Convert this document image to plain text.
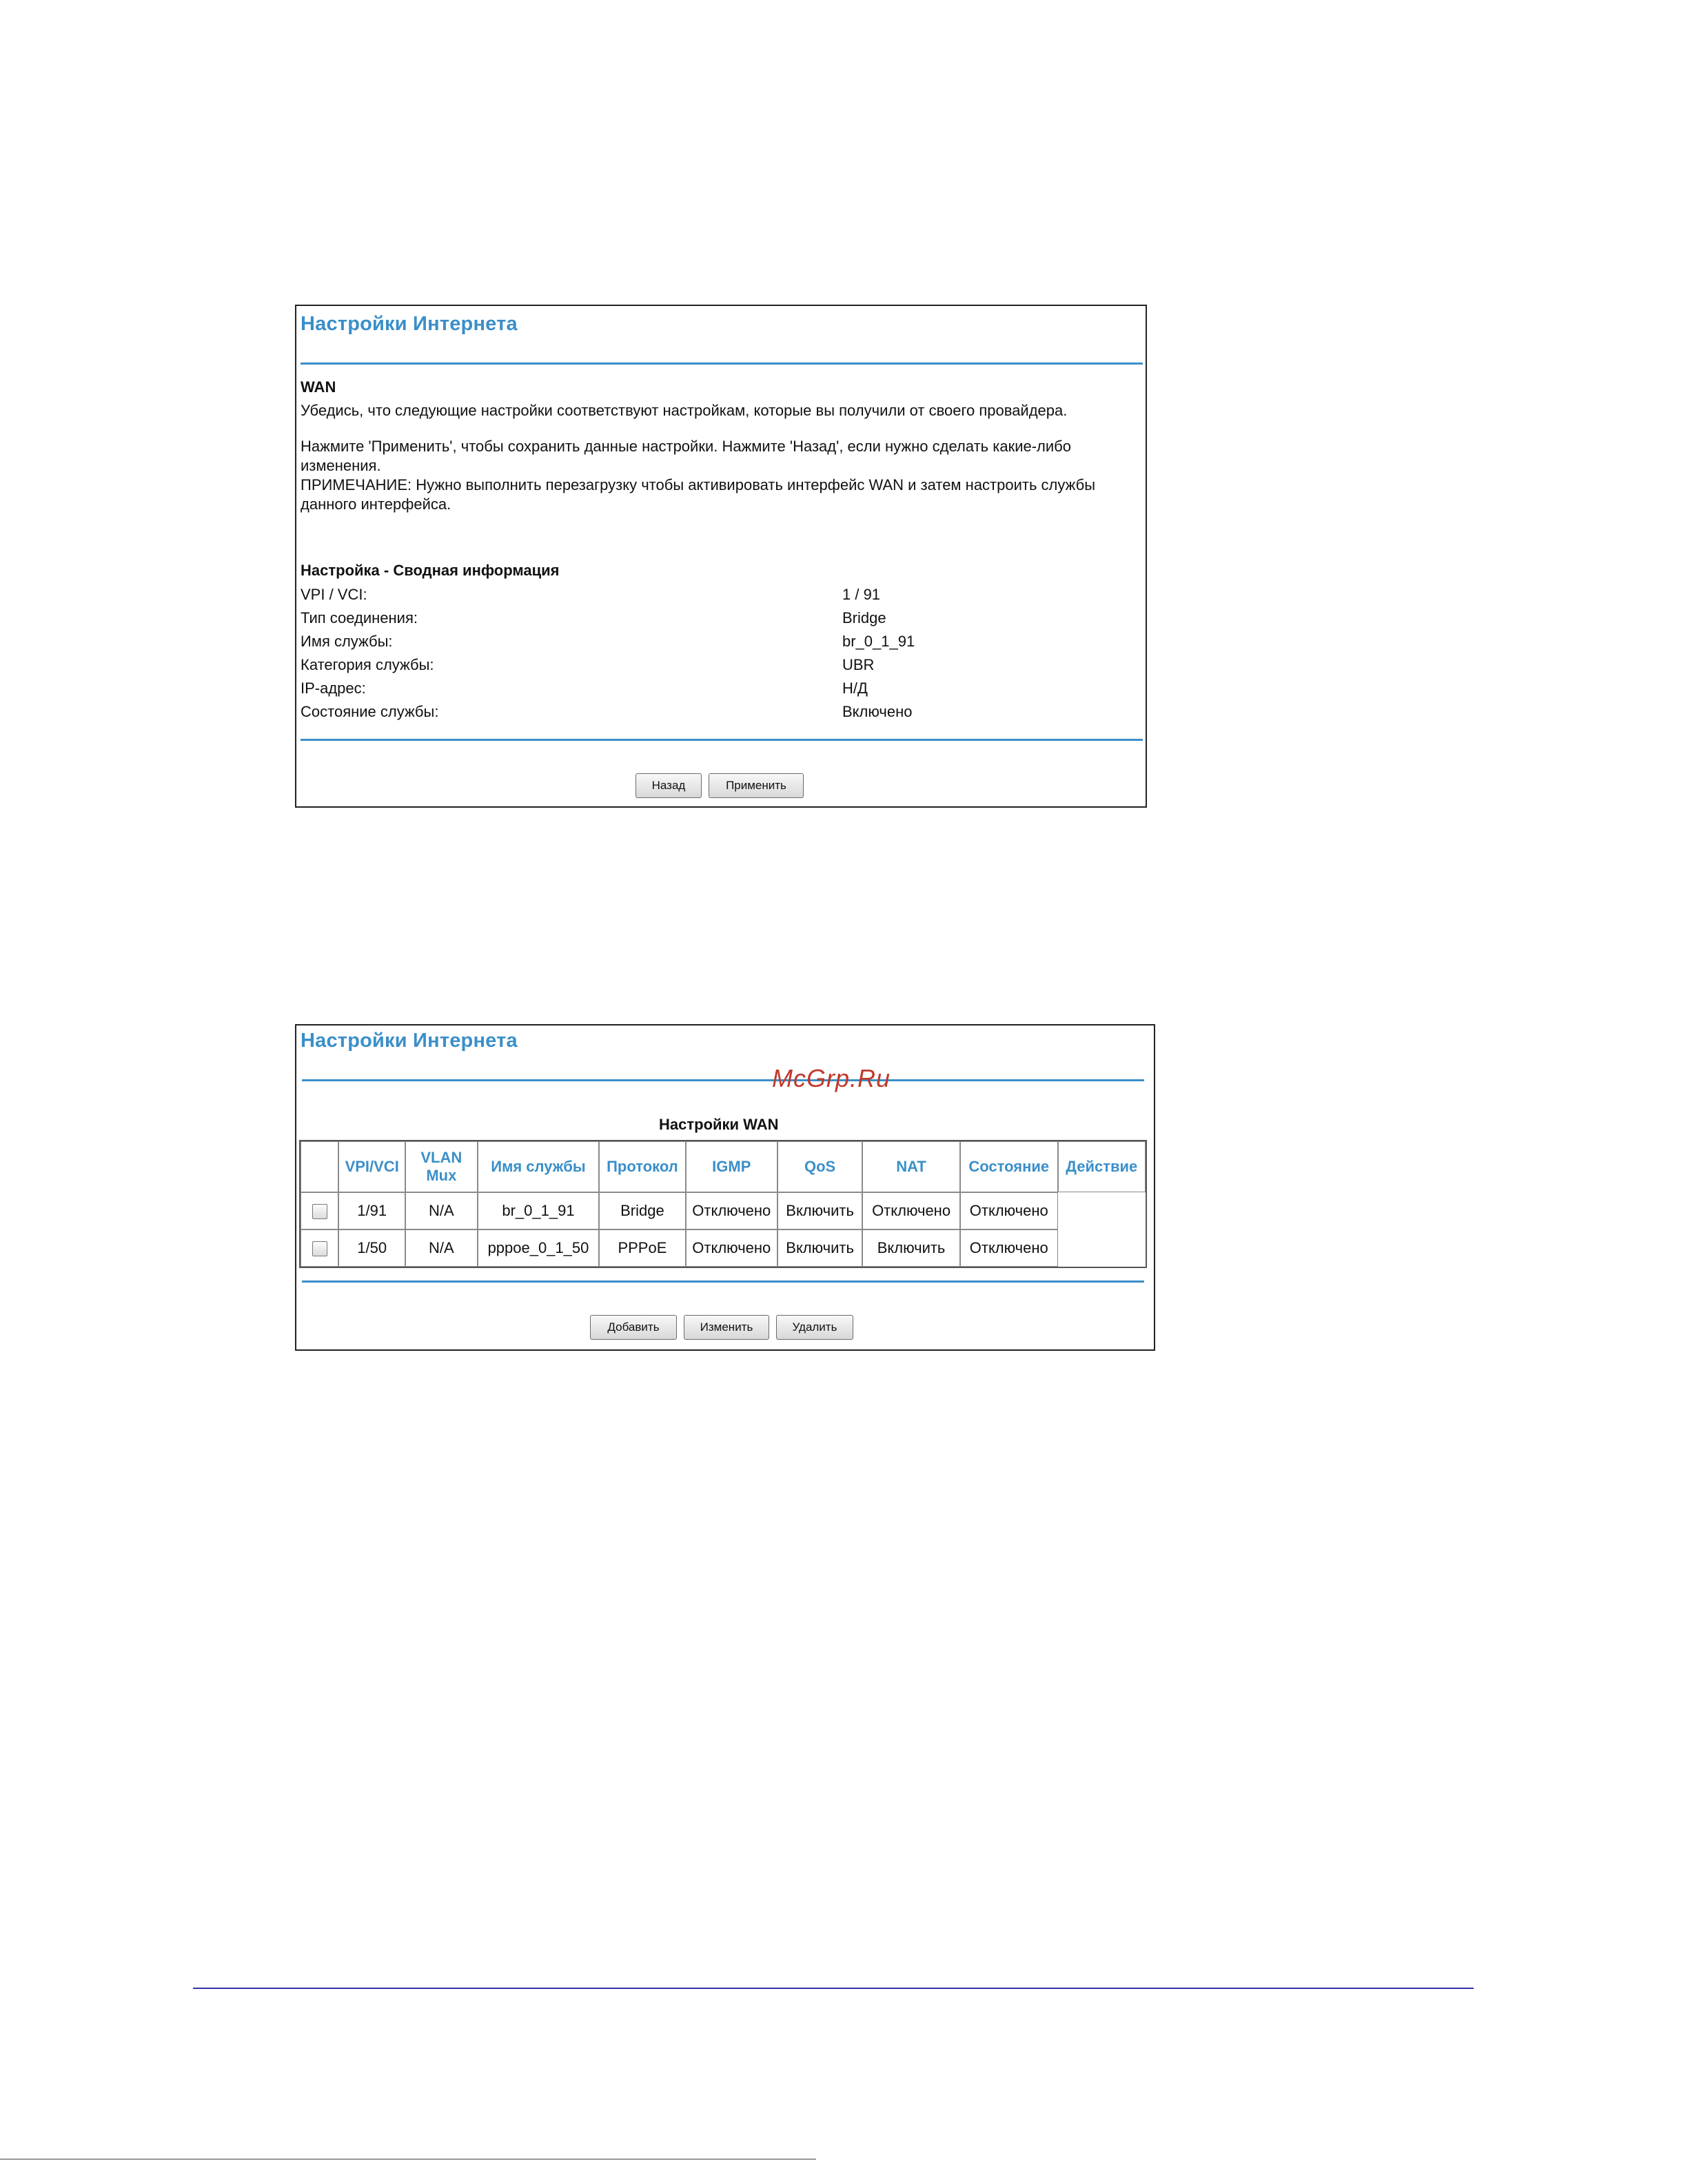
Настройки Интернета
WAN
Убедись, что следующие настройки соответствуют настройкам, которые вы получили от своего провайдера.
Нажмите 'Применить', чтобы сохранить данные настройки. Нажмите 'Назад', если нужно сделать какие-либо
изменения.
ПРИМЕЧАНИЕ: Нужно выполнить перезагрузку чтобы активировать интерфейс WAN и затем настроить службы
данного интерфейса.
Настройка - Сводная информация
VPI / VCI:	1 / 91
Тип соединения:	Bridge
Имя службы:	br_0_1_91
Категория службы:	UBR
IP-адрес:	Н/Д
Состояние службы:	Включено
Назад	Применить
Настройки Интернета
McGrp.Ru
Настройки WAN
	VPI/VCI	VLAN Mux	Имя службы	Протокол	IGMP	QoS	NAT	Состояние	Действие
	1/91	N/A	br_0_1_91	Bridge	Отключено	Включить	Отключено	Отключено	
	1/50	N/A	pppoe_0_1_50	PPPoE	Отключено	Включить	Включить	Отключено	
Добавить	Изменить	Удалить
